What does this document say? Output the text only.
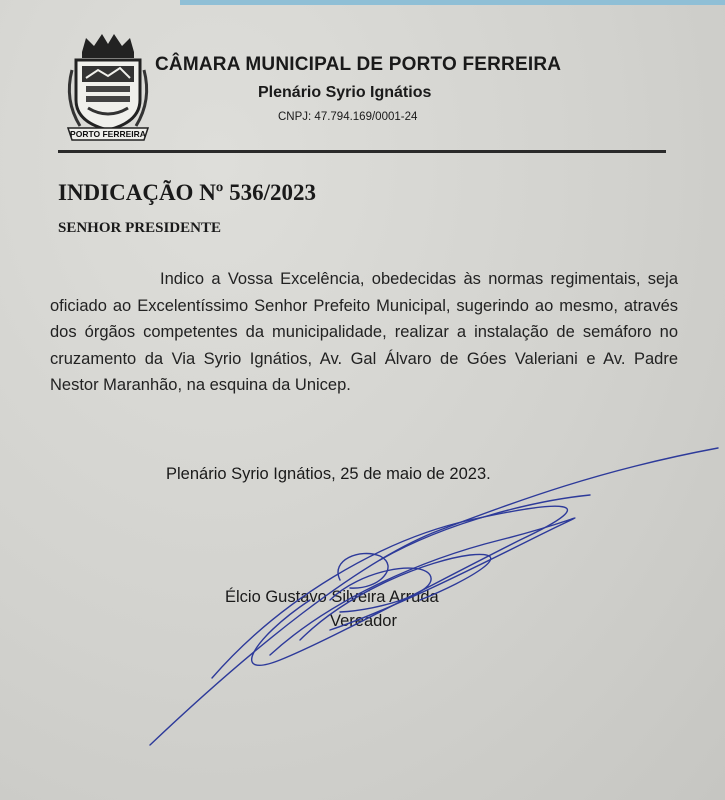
PORTO FERREIRA
CÂMARA MUNICIPAL DE PORTO FERREIRA
Plenário Syrio Ignátios
CNPJ: 47.794.169/0001-24
INDICAÇÃO Nº 536/2023
SENHOR PRESIDENTE
Indico a Vossa Excelência, obedecidas às normas regimentais, seja oficiado ao Excelentíssimo Senhor Prefeito Municipal, sugerindo ao mesmo, através dos órgãos competentes da municipalidade, realizar a instalação de semáforo no cruzamento da Via Syrio Ignátios, Av. Gal Álvaro de Góes Valeriani e Av. Padre Nestor Maranhão, na esquina da Unicep.
Plenário Syrio Ignátios, 25 de maio de 2023.
Élcio Gustavo Silveira Arruda
Vereador
